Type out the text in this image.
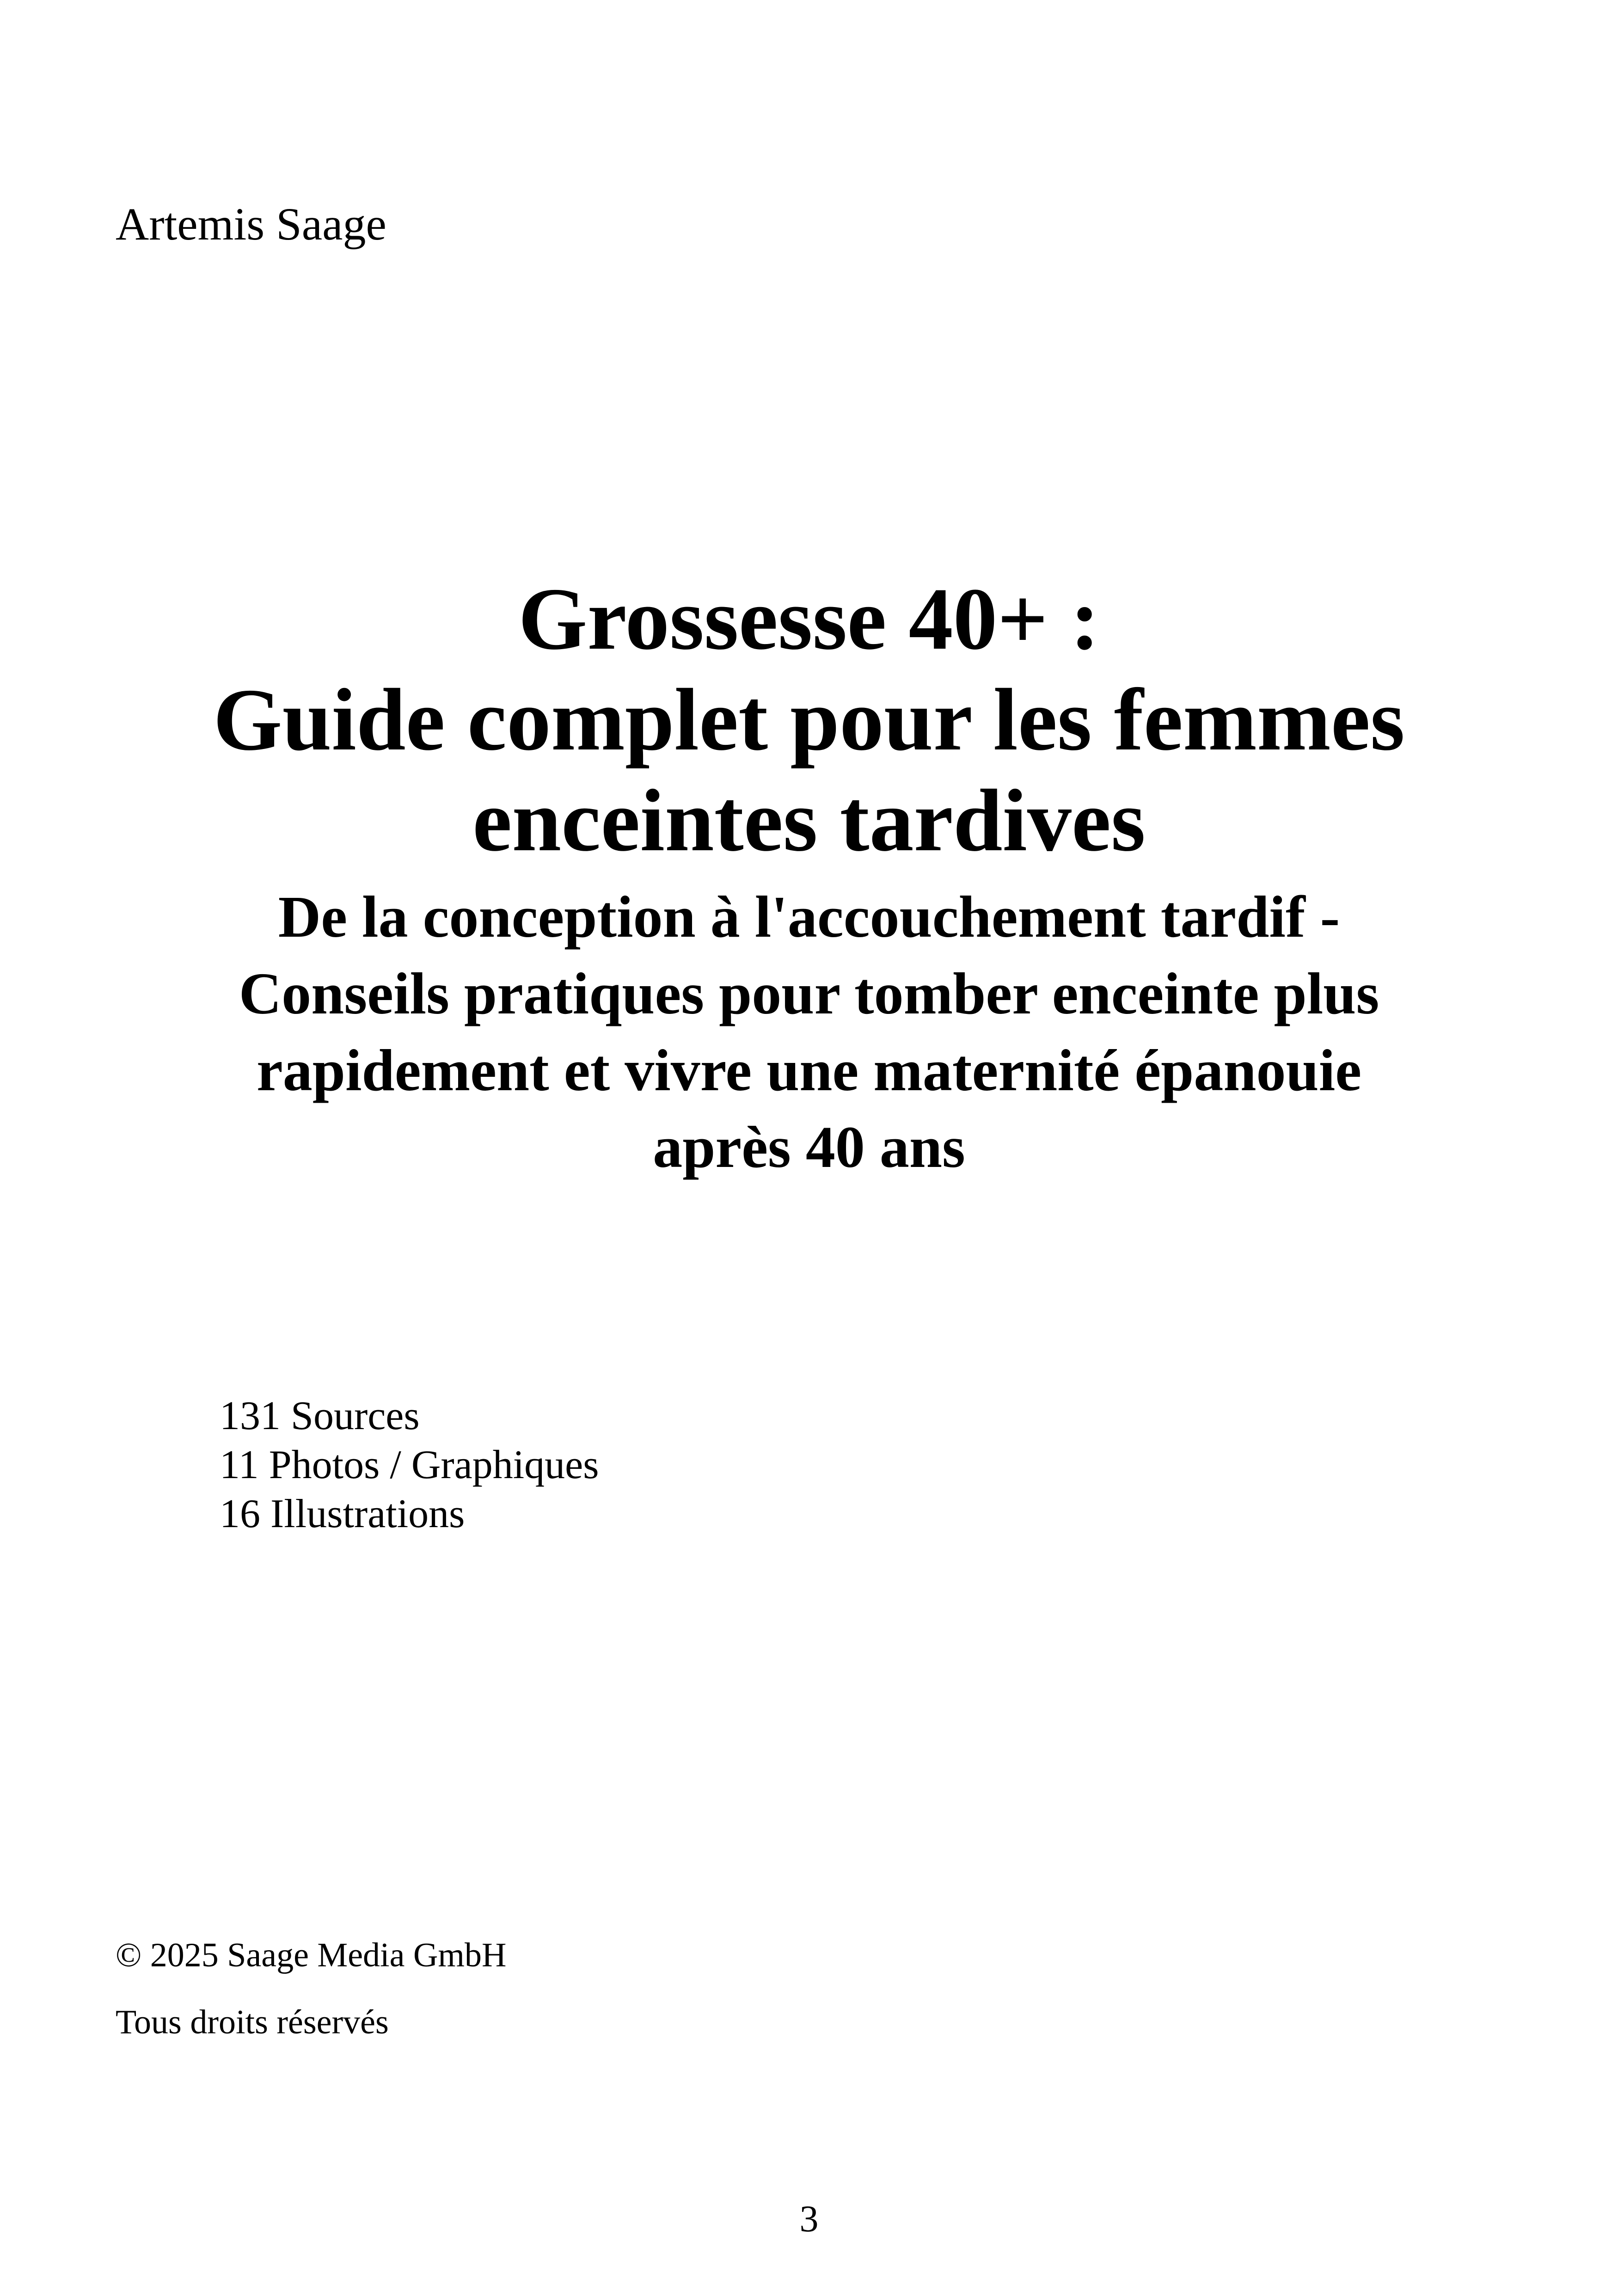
Artemis Saage
Grossesse 40+ :
Guide complet pour les femmes
enceintes tardives
De la conception à l'accouchement tardif -
Conseils pratiques pour tomber enceinte plus
rapidement et vivre une maternité épanouie
après 40 ans
131 Sources
11 Photos / Graphiques
16 Illustrations
© 2025 Saage Media GmbH
Tous droits réservés
3
